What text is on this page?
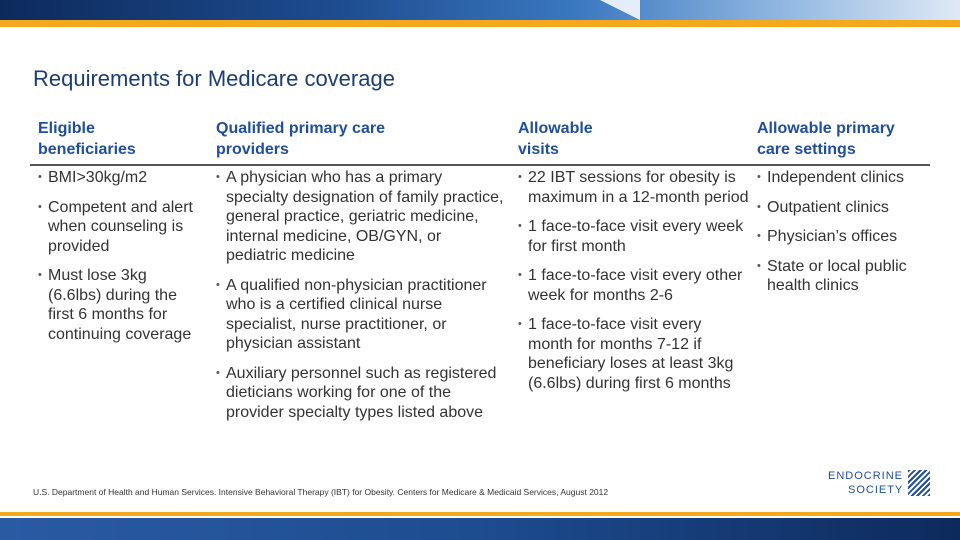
Requirements for Medicare coverage
Eligible beneficiaries
• BMI>30kg/m2
• Competent and alert when counseling is provided
• Must lose 3kg (6.6lbs) during the first 6 months for continuing coverage
Qualified primary care providers
• A physician who has a primary specialty designation of family practice, general practice, geriatric medicine, internal medicine, OB/GYN, or pediatric medicine
• A qualified non-physician practitioner who is a certified clinical nurse specialist, nurse practitioner, or physician assistant
• Auxiliary personnel such as registered dieticians working for one of the provider specialty types listed above
Allowable visits
• 22 IBT sessions for obesity is maximum in a 12-month period
• 1 face-to-face visit every week for first month
• 1 face-to-face visit every other week for months 2-6
• 1 face-to-face visit every month for months 7-12 if beneficiary loses at least 3kg (6.6lbs) during first 6 months
Allowable primary care settings
• Independent clinics
• Outpatient clinics
• Physician’s offices
• State or local public health clinics
U.S. Department of Health and Human Services. Intensive Behavioral Therapy (IBT) for Obesity. Centers for Medicare & Medicaid Services, August 2012
ENDOCRINE
SOCIETY
